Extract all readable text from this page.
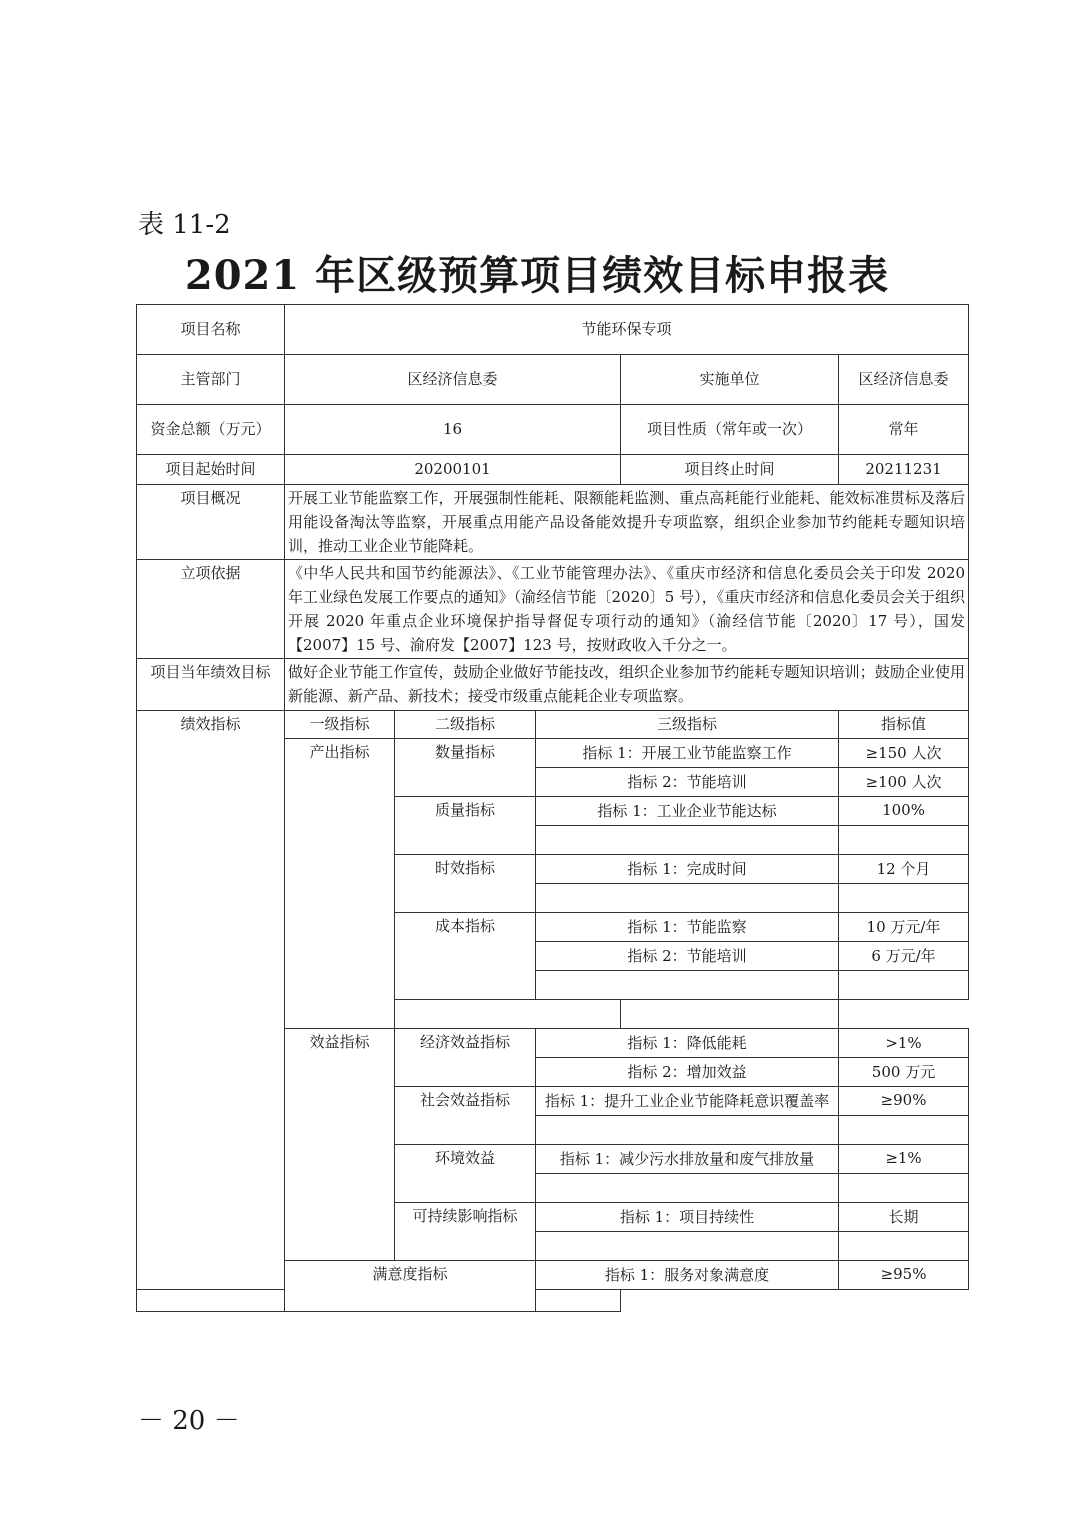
表 11-2
2021 年区级预算项目绩效目标申报表
项目名称	节能环保专项				
主管部门	区经济信息委			实施单位	区经济信息委
资金总额（万元）	16			项目性质（常年或一次）	常年
项目起始时间	20200101			项目终止时间	20211231
项目概况	开展工业节能监察工作，开展强制性能耗、限额能耗监测、重点高耗能行业能耗、能效标准贯标及落后用能设备淘汰等监察，开展重点用能产品设备能效提升专项监察，组织企业参加节约能耗专题知识培训，推动工业企业节能降耗。				
立项依据	《中华人民共和国节约能源法》、《工业节能管理办法》、《重庆市经济和信息化委员会关于印发 2020 年工业绿色发展工作要点的通知》（渝经信节能〔2020〕5 号），《重庆市经济和信息化委员会关于组织开展 2020 年重点企业环境保护指导督促专项行动的通知》（渝经信节能〔2020〕17 号），国发【2007】15 号、渝府发【2007】123 号，按财政收入千分之一。				
项目当年绩效目标	做好企业节能工作宣传，鼓励企业做好节能技改，组织企业参加节约能耗专题知识培训；鼓励企业使用新能源、新产品、新技术；接受市级重点能耗企业专项监察。				
绩效指标	一级指标	二级指标	三级指标		指标值
	产出指标	数量指标	指标 1：开展工业节能监察工作		≥150 人次
			指标 2：节能培训		≥100 人次
		质量指标	指标 1：工业企业节能达标		100%

		时效指标	指标 1：完成时间		12 个月

		成本指标	指标 1：节能监察		10 万元/年
			指标 2：节能培训		6 万元/年

	效益指标	经济效益指标	指标 1：降低能耗		>1%
			指标 2：增加效益		500 万元
		社会效益指标	指标 1：提升工业企业节能降耗意识覆盖率		≥90%

		环境效益	指标 1：减少污水排放量和废气排放量		≥1%

		可持续影响指标	指标 1：项目持续性		长期

	满意度指标		指标 1：服务对象满意度		≥95%

－ 20 －
